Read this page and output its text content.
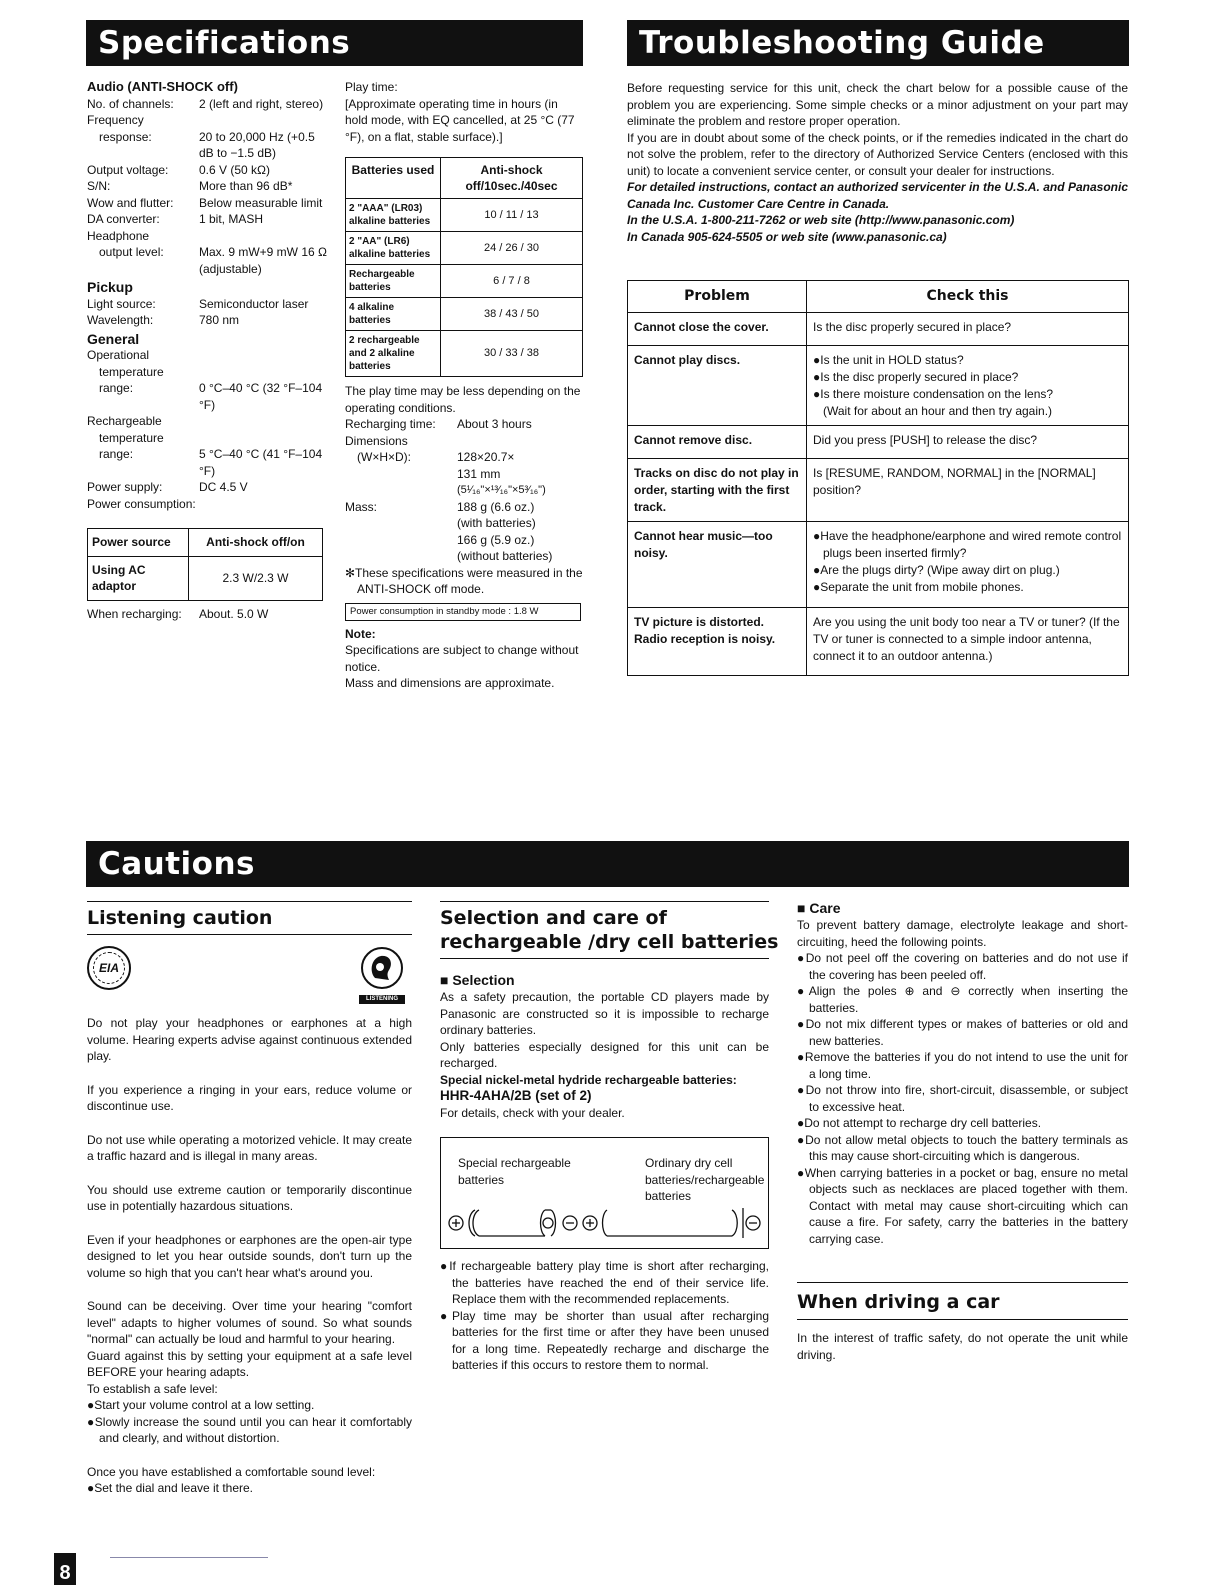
Specifications
Audio (ANTI-SHOCK off)
No. of channels:	2 (left and right, stereo)
Frequency
response:	20 to 20,000 Hz (+0.5 dB to −1.5 dB)
Output voltage:	0.6 V (50 kΩ)
S/N:	More than 96 dB*
Wow and flutter:	Below measurable limit
DA converter:	1 bit, MASH
Headphone
output level:	Max. 9 mW+9 mW 16 Ω (adjustable)
Pickup
Light source:	Semiconductor laser
Wavelength:	780 nm
General
Operational
temperature
range:	0 °C–40 °C (32 °F–104 °F)
Rechargeable
temperature
range:	5 °C–40 °C (41 °F–104 °F)
Power supply:	DC 4.5 V
Power consumption:
Power source	Anti-shock off/on
Using AC adaptor	2.3 W/2.3 W
When recharging:	About. 5.0 W
Play time:
[Approximate operating time in hours (in hold mode, with EQ cancelled, at 25 °C (77 °F), on a flat, stable surface).]
Batteries used	Anti-shock off/10sec./40sec
2 "AAA" (LR03) alkaline batteries	10 / 11 / 13
2 "AA" (LR6) alkaline batteries	24 / 26 / 30
Rechargeable batteries	6 / 7 / 8
4 alkaline batteries	38 / 43 / 50
2 rechargeable and 2 alkaline batteries	30 / 33 / 38
The play time may be less depending on the operating conditions.
Recharging time:	About 3 hours
Dimensions
(W×H×D):	128×20.7×
131 mm
(5¹⁄₁₆"×¹³⁄₁₆"×5³⁄₁₆")
Mass:	188 g (6.6 oz.)
(with batteries)
166 g (5.9 oz.)
(without batteries)
✻These specifications were measured in the ANTI-SHOCK off mode.
Power consumption in standby mode : 1.8 W
Note:
Specifications are subject to change without notice.
Mass and dimensions are approximate.
Troubleshooting Guide

Before requesting service for this unit, check the chart below for a possible cause of the problem you are experiencing. Some simple checks or a minor adjustment on your part may eliminate the problem and restore proper operation.

If you are in doubt about some of the check points, or if the remedies indicated in the chart do not solve the problem, refer to the directory of Authorized Service Centers (enclosed with this unit) to locate a convenient service center, or consult your dealer for instructions.

For detailed instructions, contact an authorized servicenter in the U.S.A. and Panasonic Canada Inc. Customer Care Centre in Canada.

In the U.S.A. 1-800-211-7262 or web site (http://www.panasonic.com)

In Canada 905-624-5505 or web site (www.panasonic.ca)

Problem	Check this
Cannot close the cover.	Is the disc properly secured in place?

Cannot play discs.	●Is the unit in HOLD status?
●Is the disc properly secured in place?
●Is there moisture condensation on the lens?
(Wait for about an hour and then try again.)

Cannot remove disc.	Did you press [PUSH] to release the disc?

Tracks on disc do not play in order, starting with the first track.	Is [RESUME, RANDOM, NORMAL] in the [NORMAL] position?

Cannot hear music—too noisy.	●Have the headphone/earphone and wired remote control plugs been inserted firmly?
●Are the plugs dirty? (Wipe away dirt on plug.)
●Separate the unit from mobile phones.

TV picture is distorted. Radio reception is noisy.	Are you using the unit body too near a TV or tuner? (If the TV or tuner is connected to a simple indoor antenna, connect it to an outdoor antenna.)
Cautions
Listening caution
EIA
LISTENING

Do not play your headphones or earphones at a high volume. Hearing experts advise against continuous extended play.

If you experience a ringing in your ears, reduce volume or discontinue use.

Do not use while operating a motorized vehicle. It may create a traffic hazard and is illegal in many areas.

You should use extreme caution or temporarily discontinue use in potentially hazardous situations.

Even if your headphones or earphones are the open-air type designed to let you hear outside sounds, don't turn up the volume so high that you can't hear what's around you.

Sound can be deceiving. Over time your hearing "comfort level" adapts to higher volumes of sound. So what sounds "normal" can actually be loud and harmful to your hearing.

Guard against this by setting your equipment at a safe level BEFORE your hearing adapts.

To establish a safe level:

●Start your volume control at a low setting.

●Slowly increase the sound until you can hear it comfortably and clearly, and without distortion.

Once you have established a comfortable sound level:

●Set the dial and leave it there.

8
Selection and care of
rechargeable /dry cell batteries

■ Selection

As a safety precaution, the portable CD players made by Panasonic are constructed so it is impossible to recharge ordinary batteries.

Only batteries especially designed for this unit can be recharged.

Special nickel-metal hydride rechargeable batteries:

HHR-4AHA/2B (set of 2)

For details, check with your dealer.

Special rechargeable batteries
Ordinary dry cell batteries/rechargeable batteries

●If rechargeable battery play time is short after recharging, the batteries have reached the end of their service life. Replace them with the recommended replacements.

●Play time may be shorter than usual after recharging batteries for the first time or after they have been unused for a long time. Repeatedly recharge and discharge the batteries if this occurs to restore them to normal.

■ Care

To prevent battery damage, electrolyte leakage and short-circuiting, heed the following points.

●Do not peel off the covering on batteries and do not use if the covering has been peeled off.

●Align the poles ⊕ and ⊖ correctly when inserting the batteries.

●Do not mix different types or makes of batteries or old and new batteries.

●Remove the batteries if you do not intend to use the unit for a long time.

●Do not throw into fire, short-circuit, disassemble, or subject to excessive heat.

●Do not attempt to recharge dry cell batteries.

●Do not allow metal objects to touch the battery terminals as this may cause short-circuiting which is dangerous.

●When carrying batteries in a pocket or bag, ensure no metal objects such as necklaces are placed together with them. Contact with metal may cause short-circuiting which can cause a fire. For safety, carry the batteries in the battery carrying case.

When driving a car
In the interest of traffic safety, do not operate the unit while driving.
